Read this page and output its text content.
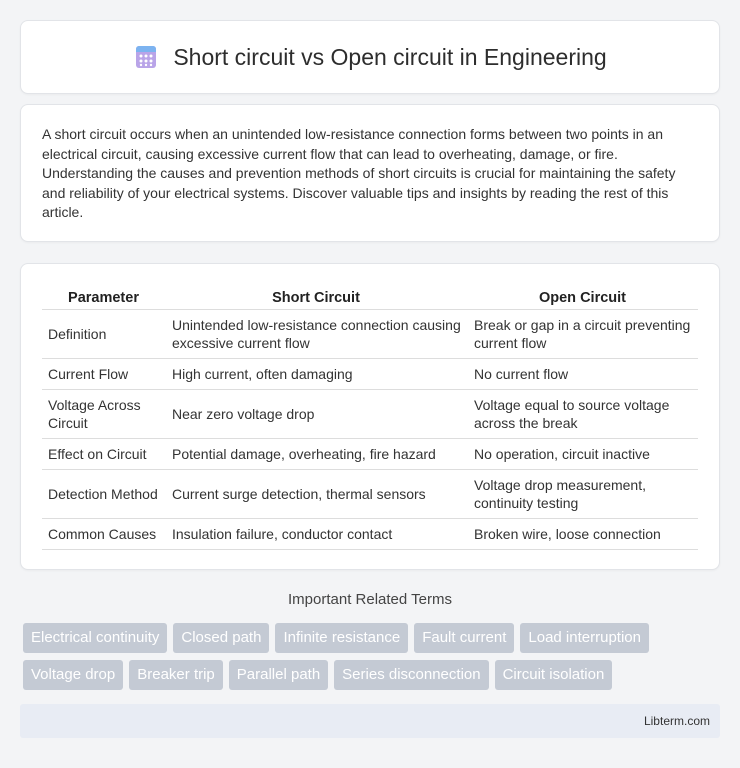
Short circuit vs Open circuit in Engineering

A short circuit occurs when an unintended low-resistance connection forms between two points in an electrical circuit, causing excessive current flow that can lead to overheating, damage, or fire. Understanding the causes and prevention methods of short circuits is crucial for maintaining the safety and reliability of your electrical systems. Discover valuable tips and insights by reading the rest of this article.

Parameter	Short Circuit	Open Circuit
Definition	Unintended low-resistance connection causing excessive current flow	Break or gap in a circuit preventing current flow
Current Flow	High current, often damaging	No current flow
Voltage Across Circuit	Near zero voltage drop	Voltage equal to source voltage across the break
Effect on Circuit	Potential damage, overheating, fire hazard	No operation, circuit inactive
Detection Method	Current surge detection, thermal sensors	Voltage drop measurement, continuity testing
Common Causes	Insulation failure, conductor contact	Broken wire, loose connection
Important Related Terms
Electrical continuity	Closed path	Infinite resistance	Fault current	Load interruption
Voltage drop	Breaker trip	Parallel path	Series disconnection	Circuit isolation
Libterm.com
